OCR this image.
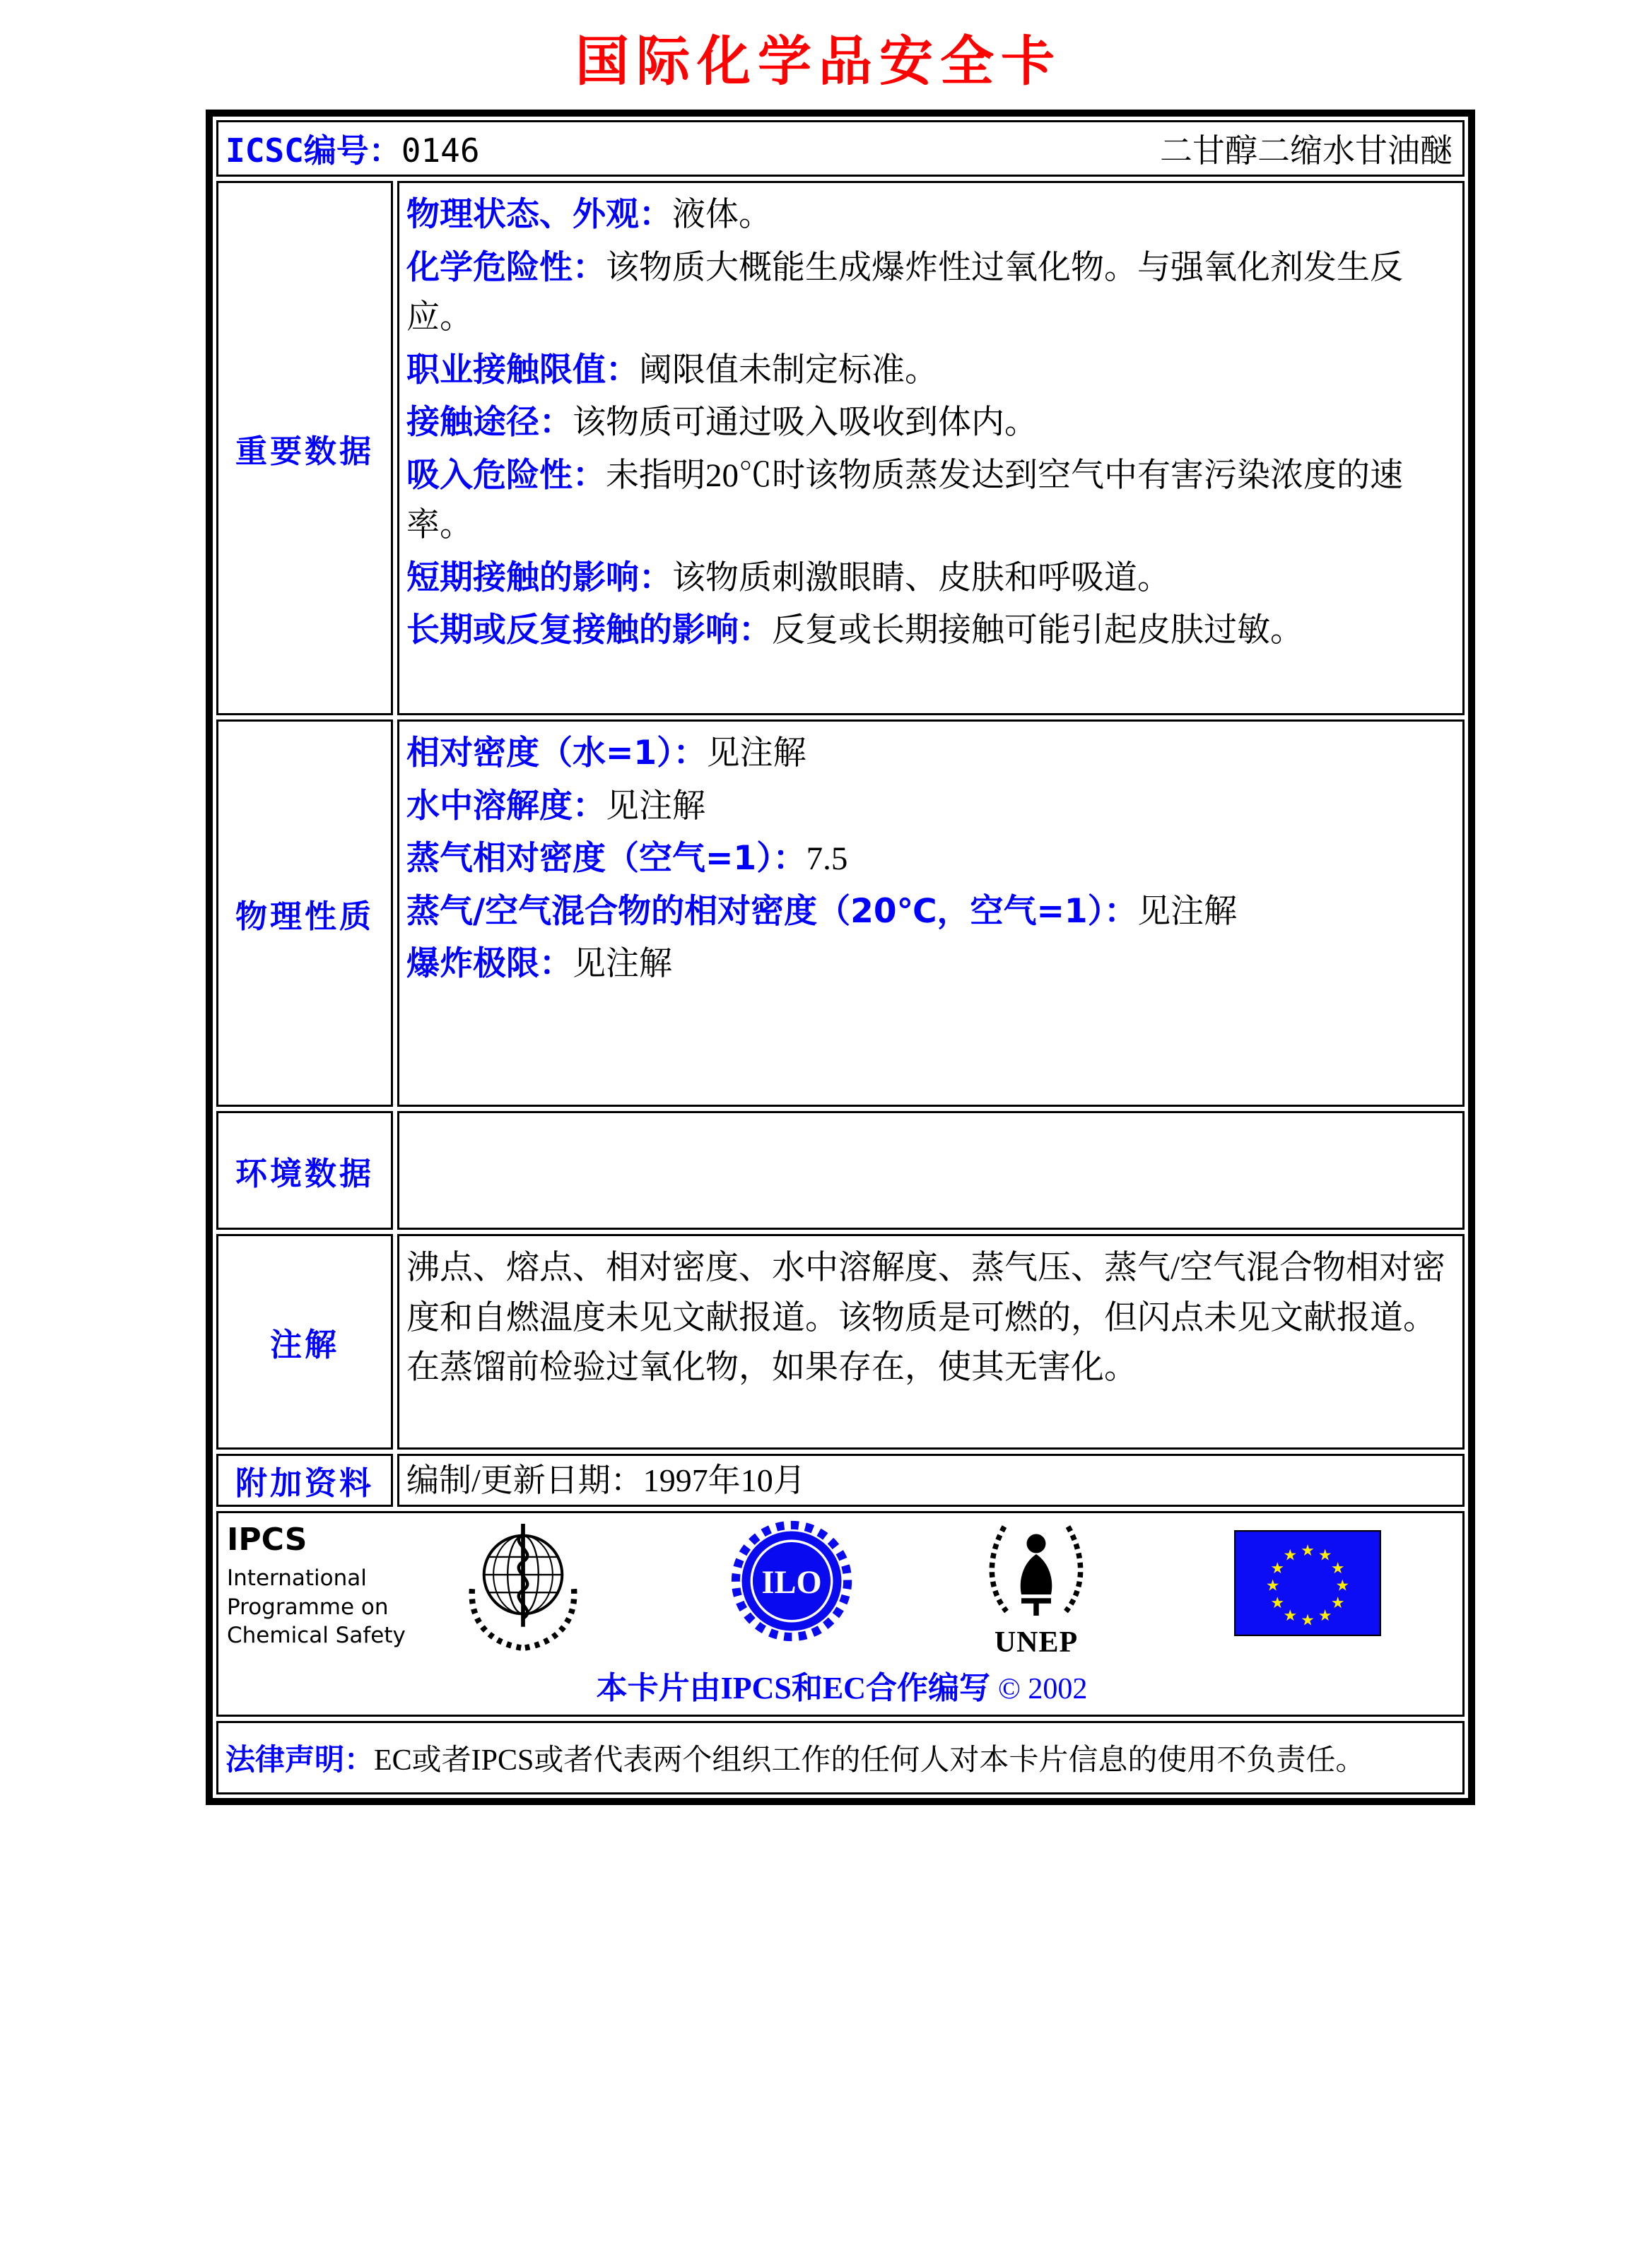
国际化学品安全卡
ICSC编号：0146	二甘醇二缩水甘油醚
重要数据
物理状态、外观：液体。
化学危险性：该物质大概能生成爆炸性过氧化物。与强氧化剂发生反应。
职业接触限值：阈限值未制定标准。
接触途径：该物质可通过吸入吸收到体内。
吸入危险性：未指明20℃时该物质蒸发达到空气中有害污染浓度的速率。
短期接触的影响：该物质刺激眼睛、皮肤和呼吸道。
长期或反复接触的影响：反复或长期接触可能引起皮肤过敏。
物理性质
相对密度（水=1）：见注解
水中溶解度：见注解
蒸气相对密度（空气=1）：7.5
蒸气/空气混合物的相对密度（20℃，空气=1）：见注解
爆炸极限：见注解
环境数据
注解
沸点、熔点、相对密度、水中溶解度、蒸气压、蒸气/空气混合物相对密度和自燃温度未见文献报道。该物质是可燃的，但闪点未见文献报道。在蒸馏前检验过氧化物，如果存在，使其无害化。
附加资料	编制/更新日期：1997年10月
IPCS
International
Programme on
Chemical Safety
ILO
UNEP
★ ★
★
★
★
★
★
★
★
★
★
★
本卡片由IPCS和EC合作编写 © 2002
法律声明： EC或者IPCS或者代表两个组织工作的任何人对本卡片信息的使用不负责任。
